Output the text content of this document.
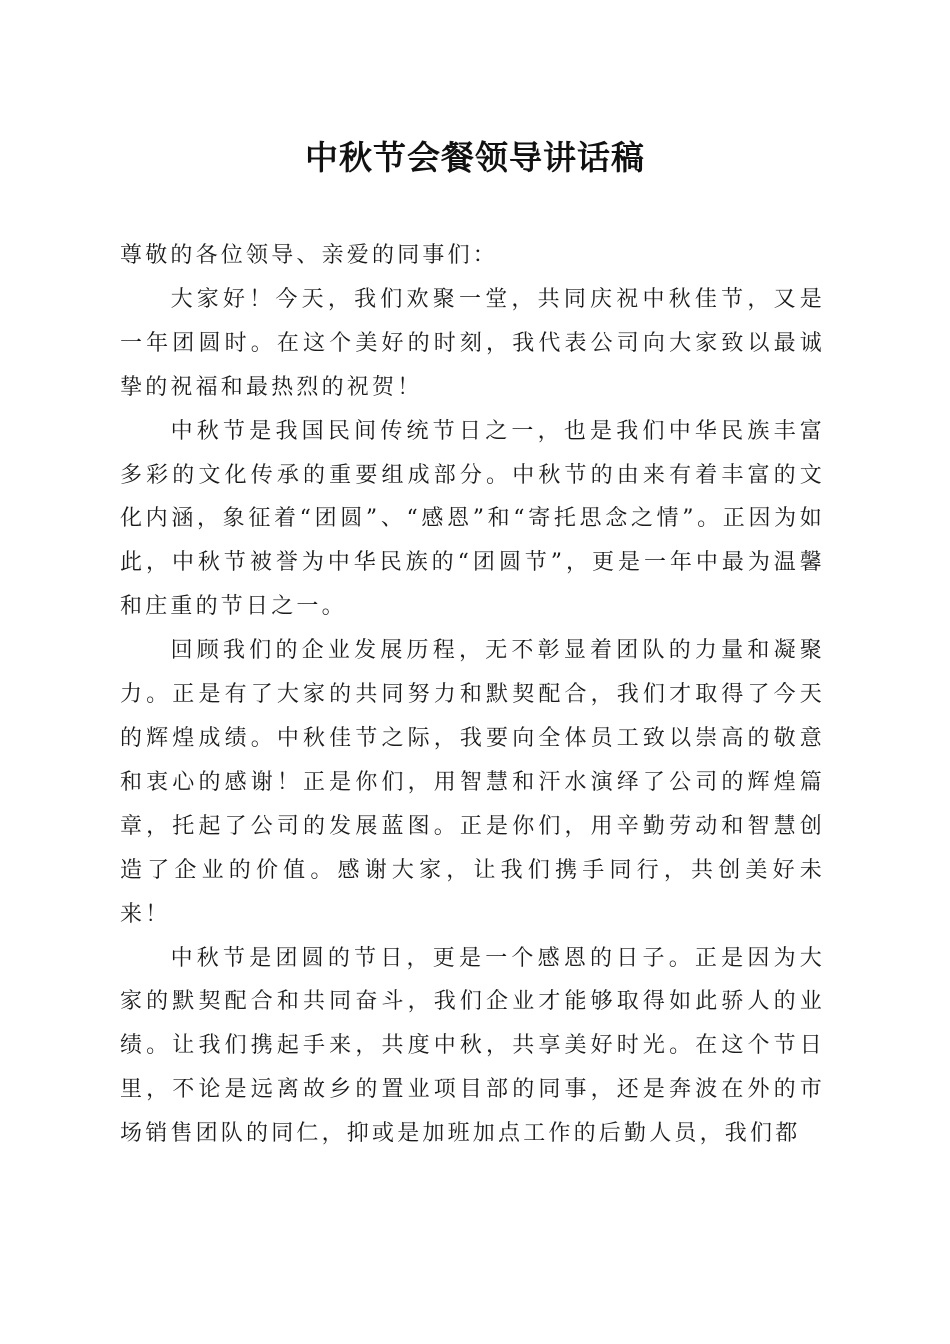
中秋节会餐领导讲话稿

尊敬的各位领导、亲爱的同事们：

大家好！今天，我们欢聚一堂，共同庆祝中秋佳节，又是一年团圆时。在这个美好的时刻，我代表公司向大家致以最诚挚的祝福和最热烈的祝贺！

中秋节是我国民间传统节日之一，也是我们中华民族丰富多彩的文化传承的重要组成部分。中秋节的由来有着丰富的文化内涵，象征着“团圆”、“感恩”和“寄托思念之情”。正因为如此，中秋节被誉为中华民族的“团圆节”，更是一年中最为温馨和庄重的节日之一。

回顾我们的企业发展历程，无不彰显着团队的力量和凝聚力。正是有了大家的共同努力和默契配合，我们才取得了今天的辉煌成绩。中秋佳节之际，我要向全体员工致以崇高的敬意和衷心的感谢！正是你们，用智慧和汗水演绎了公司的辉煌篇章，托起了公司的发展蓝图。正是你们，用辛勤劳动和智慧创造了企业的价值。感谢大家，让我们携手同行，共创美好未来！

中秋节是团圆的节日，更是一个感恩的日子。正是因为大家的默契配合和共同奋斗，我们企业才能够取得如此骄人的业绩。让我们携起手来，共度中秋，共享美好时光。在这个节日里，不论是远离故乡的置业项目部的同事，还是奔波在外的市场销售团队的同仁，抑或是加班加点工作的后勤人员，我们都
